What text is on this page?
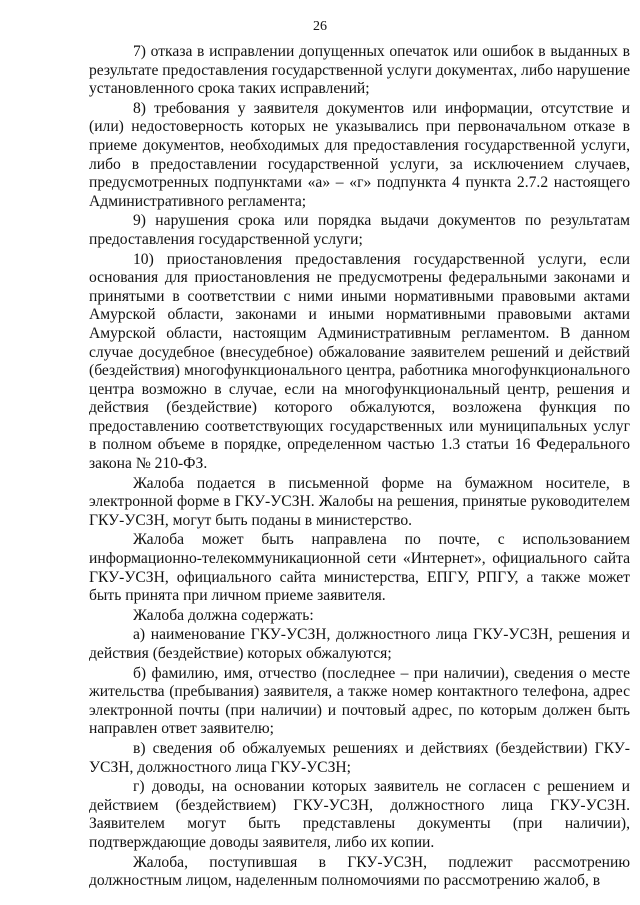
26

7) отказа в исправлении допущенных опечаток или ошибок в выданных в результате предоставления государственной услуги документах, либо нарушение установленного срока таких исправлений;

8) требования у заявителя документов или информации, отсутствие и (или) недостоверность которых не указывались при первоначальном отказе в приеме документов, необходимых для предоставления государственной услуги, либо в предоставлении государственной услуги, за исключением случаев, предусмотренных подпунктами «а» – «г» подпункта 4 пункта 2.7.2 настоящего Административного регламента;

9) нарушения срока или порядка выдачи документов по результатам предоставления государственной услуги;

10) приостановления предоставления государственной услуги, если основания для приостановления не предусмотрены федеральными законами и принятыми в соответствии с ними иными нормативными правовыми актами Амурской области, законами и иными нормативными правовыми актами Амурской области, настоящим Административным регламентом. В данном случае досудебное (внесудебное) обжалование заявителем решений и действий (бездействия) многофункционального центра, работника многофункционального центра возможно в случае, если на многофункциональный центр, решения и действия (бездействие) которого обжалуются, возложена функция по предоставлению соответствующих государственных или муниципальных услуг в полном объеме в порядке, определенном частью 1.3 статьи 16 Федерального закона № 210-ФЗ.

Жалоба подается в письменной форме на бумажном носителе, в электронной форме в ГКУ-УСЗН. Жалобы на решения, принятые руководителем ГКУ-УСЗН, могут быть поданы в министерство.

Жалоба может быть направлена по почте, с использованием информационно-телекоммуникационной сети «Интернет», официального сайта ГКУ-УСЗН, официального сайта министерства, ЕПГУ, РПГУ, а также может быть принята при личном приеме заявителя.

Жалоба должна содержать:

а) наименование ГКУ-УСЗН, должностного лица ГКУ-УСЗН, решения и действия (бездействие) которых обжалуются;

б) фамилию, имя, отчество (последнее – при наличии), сведения о месте жительства (пребывания) заявителя, а также номер контактного телефона, адрес электронной почты (при наличии) и почтовый адрес, по которым должен быть направлен ответ заявителю;

в) сведения об обжалуемых решениях и действиях (бездействии) ГКУ-УСЗН, должностного лица ГКУ-УСЗН;

г) доводы, на основании которых заявитель не согласен с решением и действием (бездействием) ГКУ-УСЗН, должностного лица ГКУ-УСЗН. Заявителем могут быть представлены документы (при наличии), подтверждающие доводы заявителя, либо их копии.

Жалоба, поступившая в ГКУ-УСЗН, подлежит рассмотрению должностным лицом, наделенным полномочиями по рассмотрению жалоб, в
